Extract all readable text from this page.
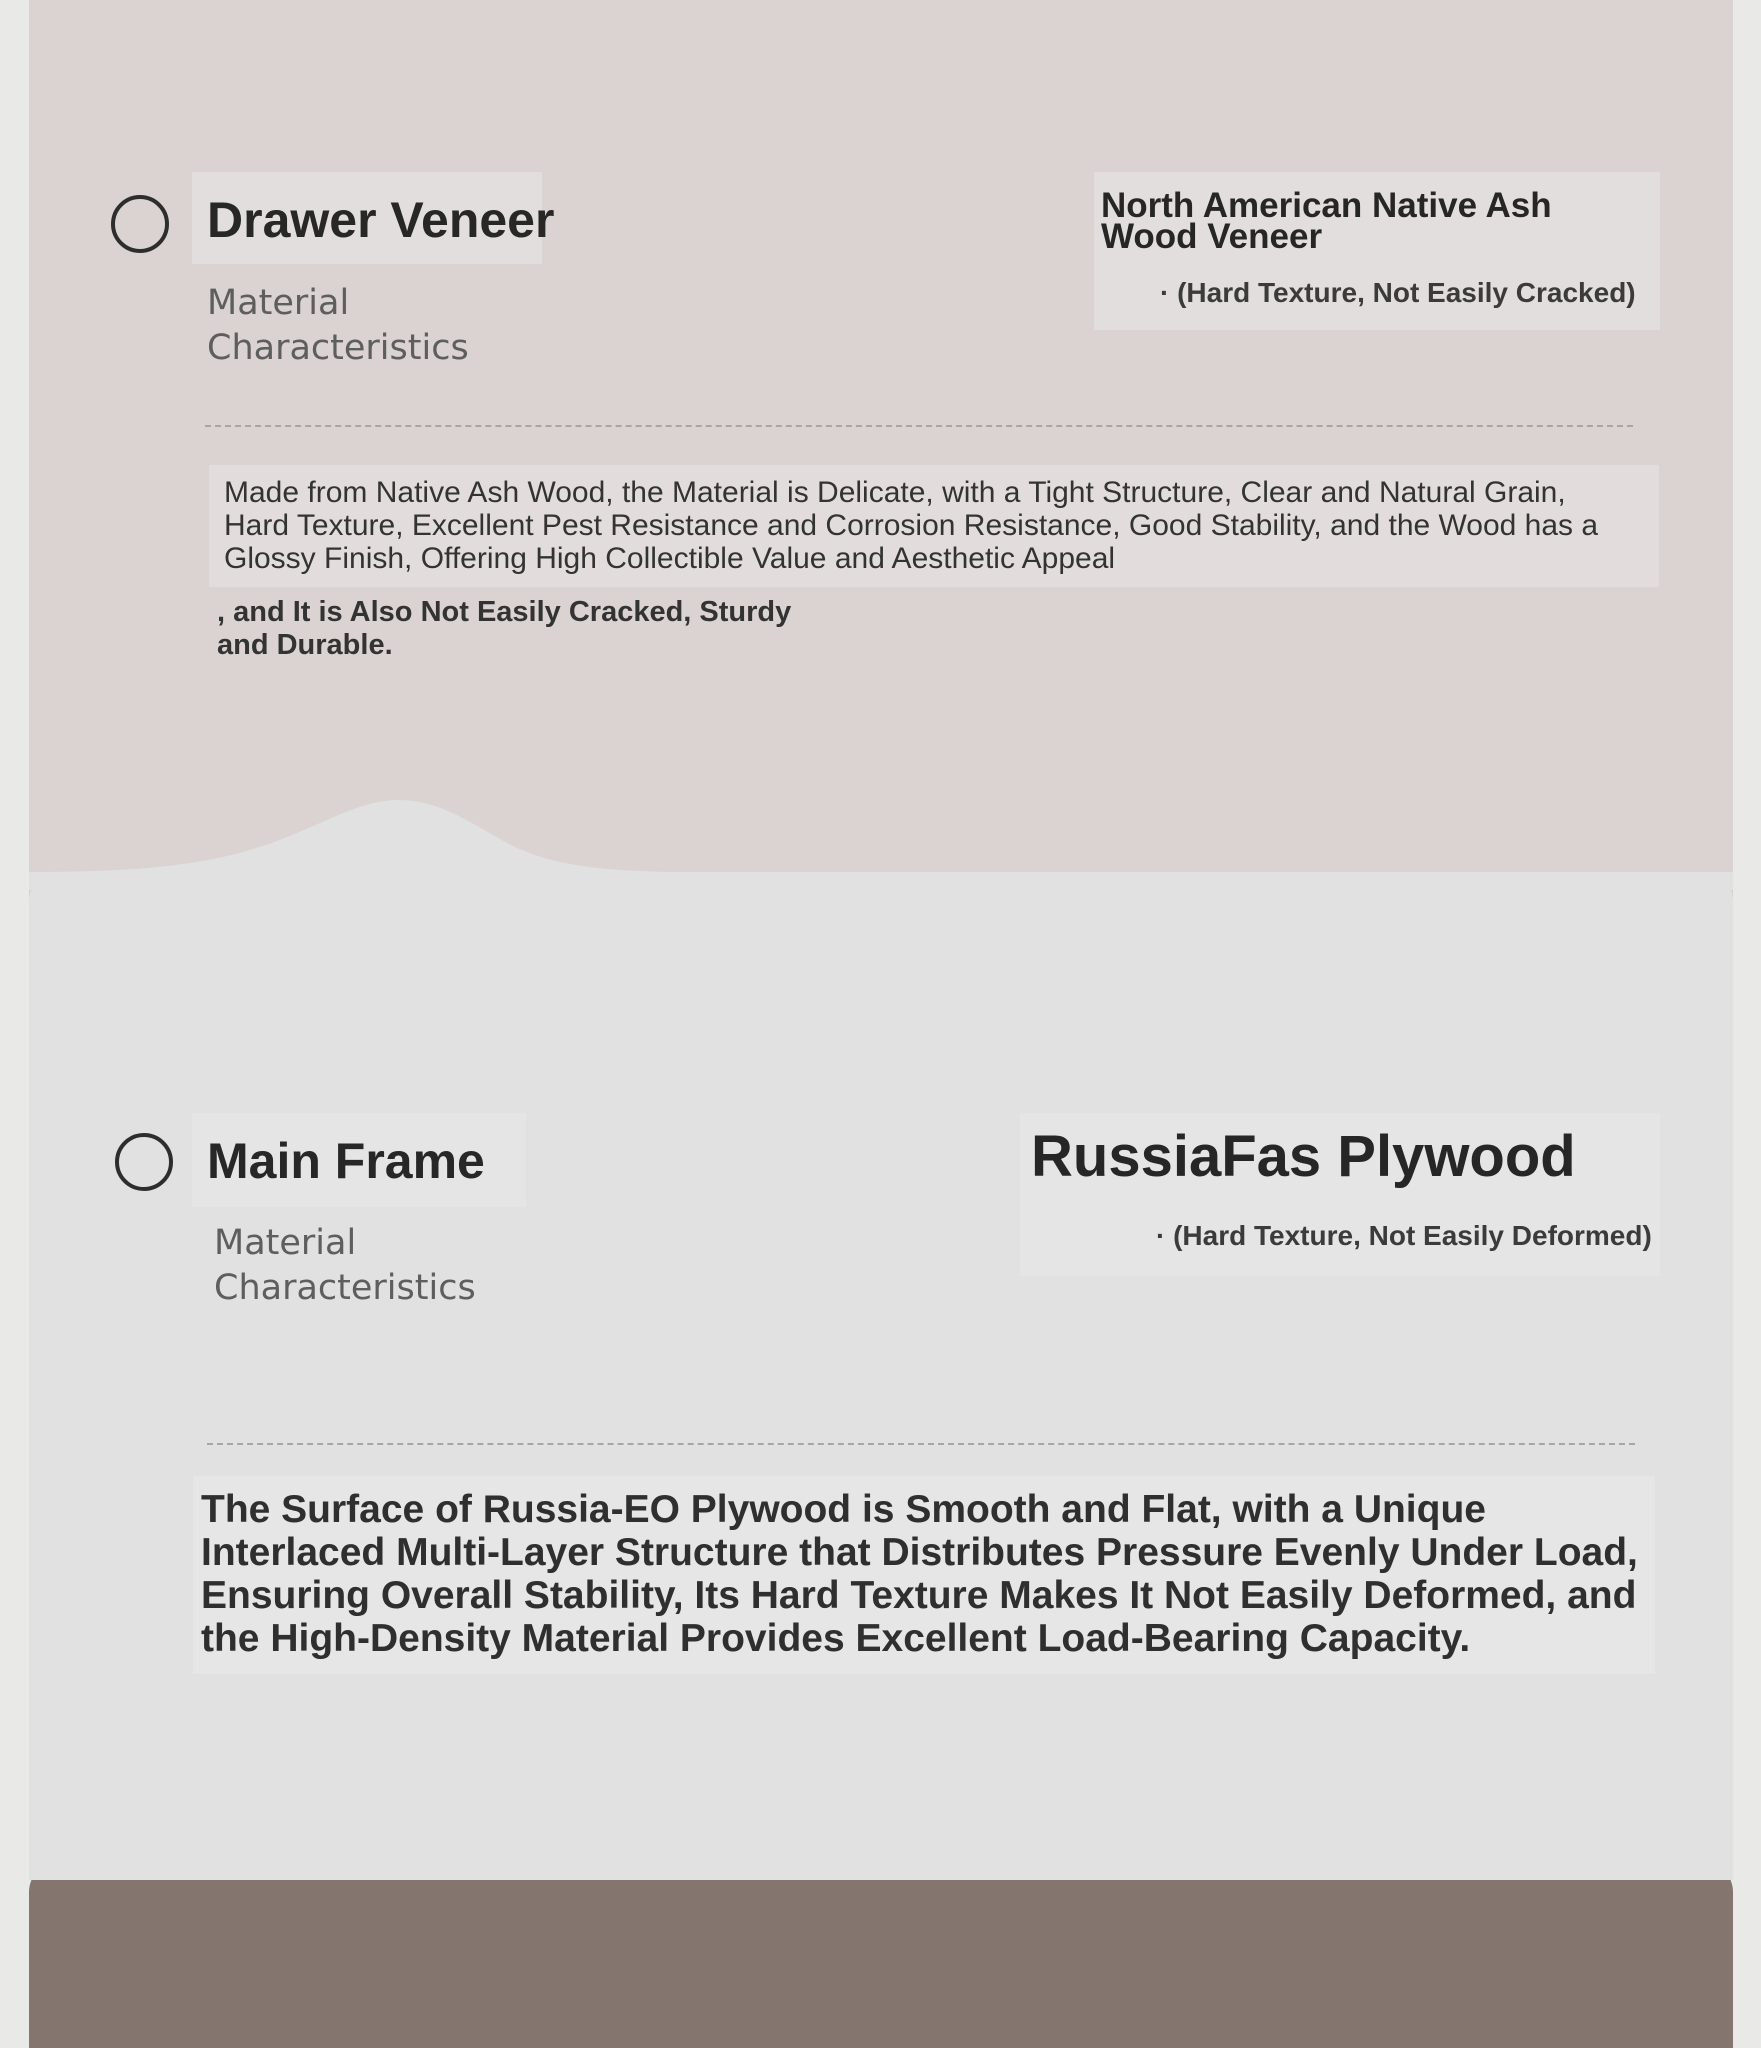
Drawer Veneer
Material Characteristics
North American Native Ash Wood Veneer
· (Hard Texture, Not Easily Cracked)
Made from Native Ash Wood, the Material is Delicate, with a Tight Structure, Clear and Natural Grain, Hard Texture, Excellent Pest Resistance and Corrosion Resistance, Good Stability, and the Wood has a Glossy Finish, Offering High Collectible Value and Aesthetic Appeal
, and It is Also Not Easily Cracked, Sturdy and Durable.
Main Frame
Material Characteristics
RussiaFas Plywood
· (Hard Texture, Not Easily Deformed)
The Surface of Russia-EO Plywood is Smooth and Flat, with a Unique Interlaced Multi-Layer Structure that Distributes Pressure Evenly Under Load, Ensuring Overall Stability, Its Hard Texture Makes It Not Easily Deformed, and the High-Density Material Provides Excellent Load-Bearing Capacity.
